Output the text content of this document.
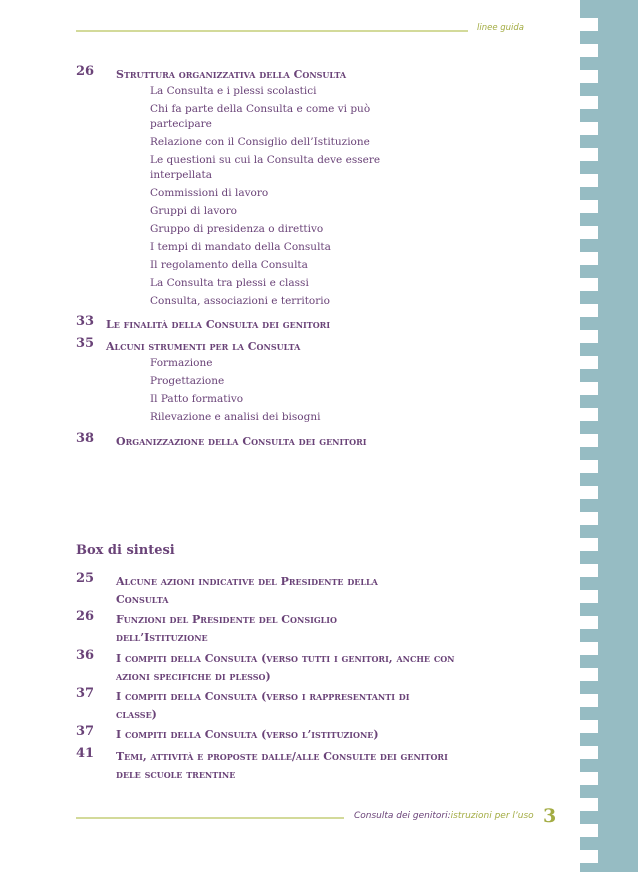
linee guida
26 Struttura organizzativa della Consulta
La Consulta e i plessi scolastici
Chi fa parte della Consulta e come vi può partecipare
Relazione con il Consiglio dell’Istituzione
Le questioni su cui la Consulta deve essere interpellata
Commissioni di lavoro
Gruppi di lavoro
Gruppo di presidenza o direttivo
I tempi di mandato della Consulta
Il regolamento della Consulta
La Consulta tra plessi e classi
Consulta, associazioni e territorio
33 Le finalità della Consulta dei genitori
35 Alcuni strumenti per la Consulta
Formazione
Progettazione
Il Patto formativo
Rilevazione e analisi dei bisogni
38 Organizzazione della Consulta dei genitori
Box di sintesi
25 Alcune azioni indicative del Presidente della Consulta
26 Funzioni del Presidente del Consiglio dell’Istituzione
36 I compiti della Consulta (verso tutti i genitori, anche con azioni specifiche di plesso)
37 I compiti della Consulta (verso i rappresentanti di classe)
37 I compiti della Consulta (verso l’istituzione)
41 Temi, attività e proposte dalle/alle Consulte dei genitori dele scuole trentine
Consulta dei genitori:istruzioni per l’uso 3
